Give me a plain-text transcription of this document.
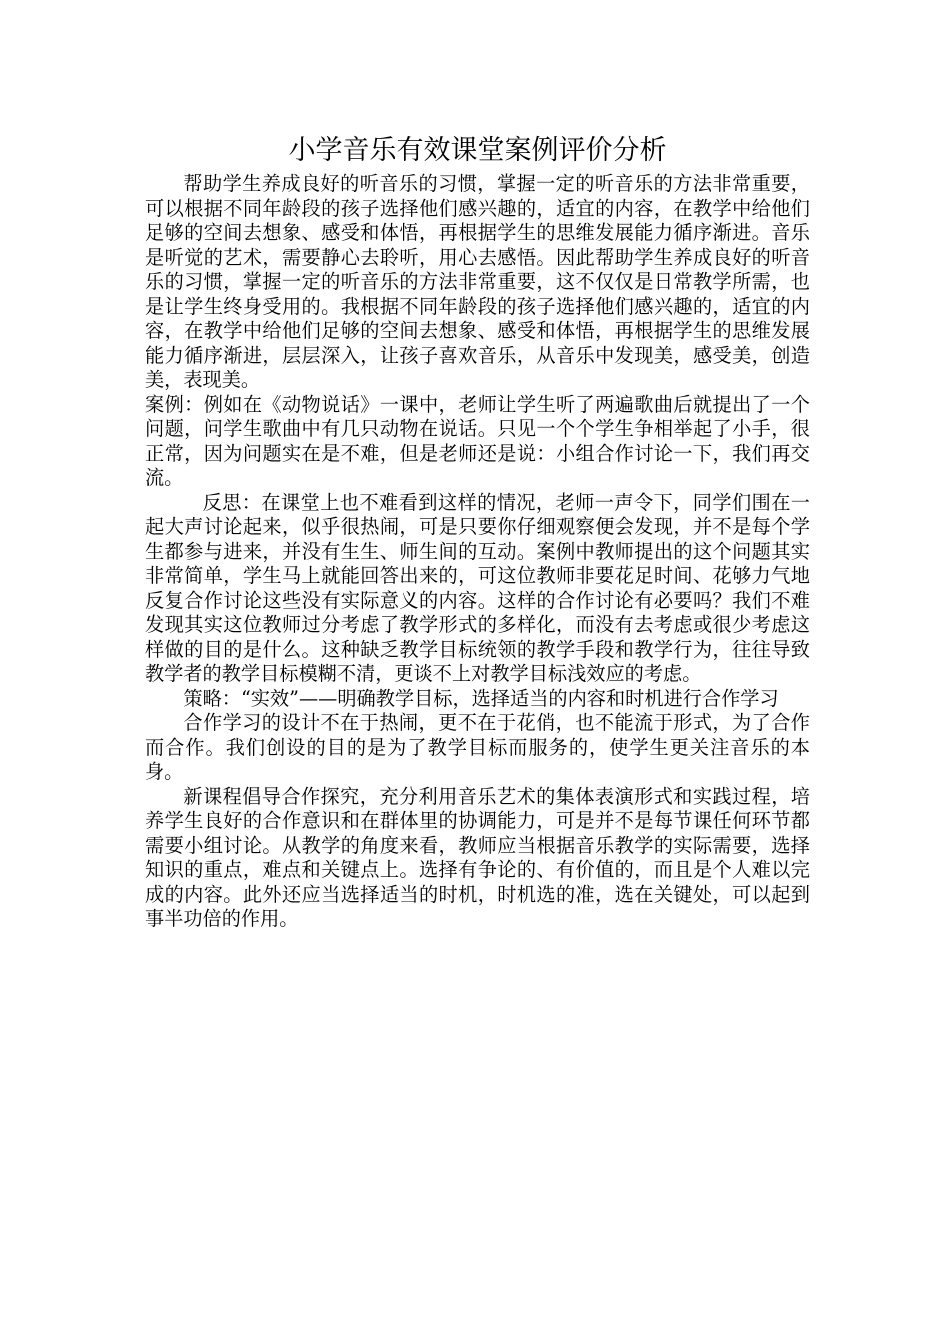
小学音乐有效课堂案例评价分析

帮助学生养成良好的听音乐的习惯，掌握一定的听音乐的方法非常重要，可以根据不同年龄段的孩子选择他们感兴趣的，适宜的内容，在教学中给他们足够的空间去想象、感受和体悟，再根据学生的思维发展能力循序渐进。音乐是听觉的艺术，需要静心去聆听，用心去感悟。因此帮助学生养成良好的听音乐的习惯，掌握一定的听音乐的方法非常重要，这不仅仅是日常教学所需，也是让学生终身受用的。我根据不同年龄段的孩子选择他们感兴趣的，适宜的内容，在教学中给他们足够的空间去想象、感受和体悟，再根据学生的思维发展能力循序渐进，层层深入，让孩子喜欢音乐，从音乐中发现美，感受美，创造美，表现美。

案例：例如在《动物说话》一课中，老师让学生听了两遍歌曲后就提出了一个问题，问学生歌曲中有几只动物在说话。只见一个个学生争相举起了小手，很正常，因为问题实在是不难，但是老师还是说：小组合作讨论一下，我们再交流。

反思：在课堂上也不难看到这样的情况，老师一声令下，同学们围在一起大声讨论起来，似乎很热闹，可是只要你仔细观察便会发现，并不是每个学生都参与进来，并没有生生、师生间的互动。案例中教师提出的这个问题其实非常简单，学生马上就能回答出来的，可这位教师非要花足时间、花够力气地反复合作讨论这些没有实际意义的内容。这样的合作讨论有必要吗？我们不难发现其实这位教师过分考虑了教学形式的多样化，而没有去考虑或很少考虑这样做的目的是什么。这种缺乏教学目标统领的教学手段和教学行为，往往导致教学者的教学目标模糊不清，更谈不上对教学目标浅效应的考虑。

策略：“实效”——明确教学目标，选择适当的内容和时机进行合作学习

合作学习的设计不在于热闹，更不在于花俏，也不能流于形式，为了合作而合作。我们创设的目的是为了教学目标而服务的，使学生更关注音乐的本身。

新课程倡导合作探究，充分利用音乐艺术的集体表演形式和实践过程，培养学生良好的合作意识和在群体里的协调能力，可是并不是每节课任何环节都需要小组讨论。从教学的角度来看，教师应当根据音乐教学的实际需要，选择知识的重点，难点和关键点上。选择有争论的、有价值的，而且是个人难以完成的内容。此外还应当选择适当的时机，时机选的准，选在关键处，可以起到事半功倍的作用。
